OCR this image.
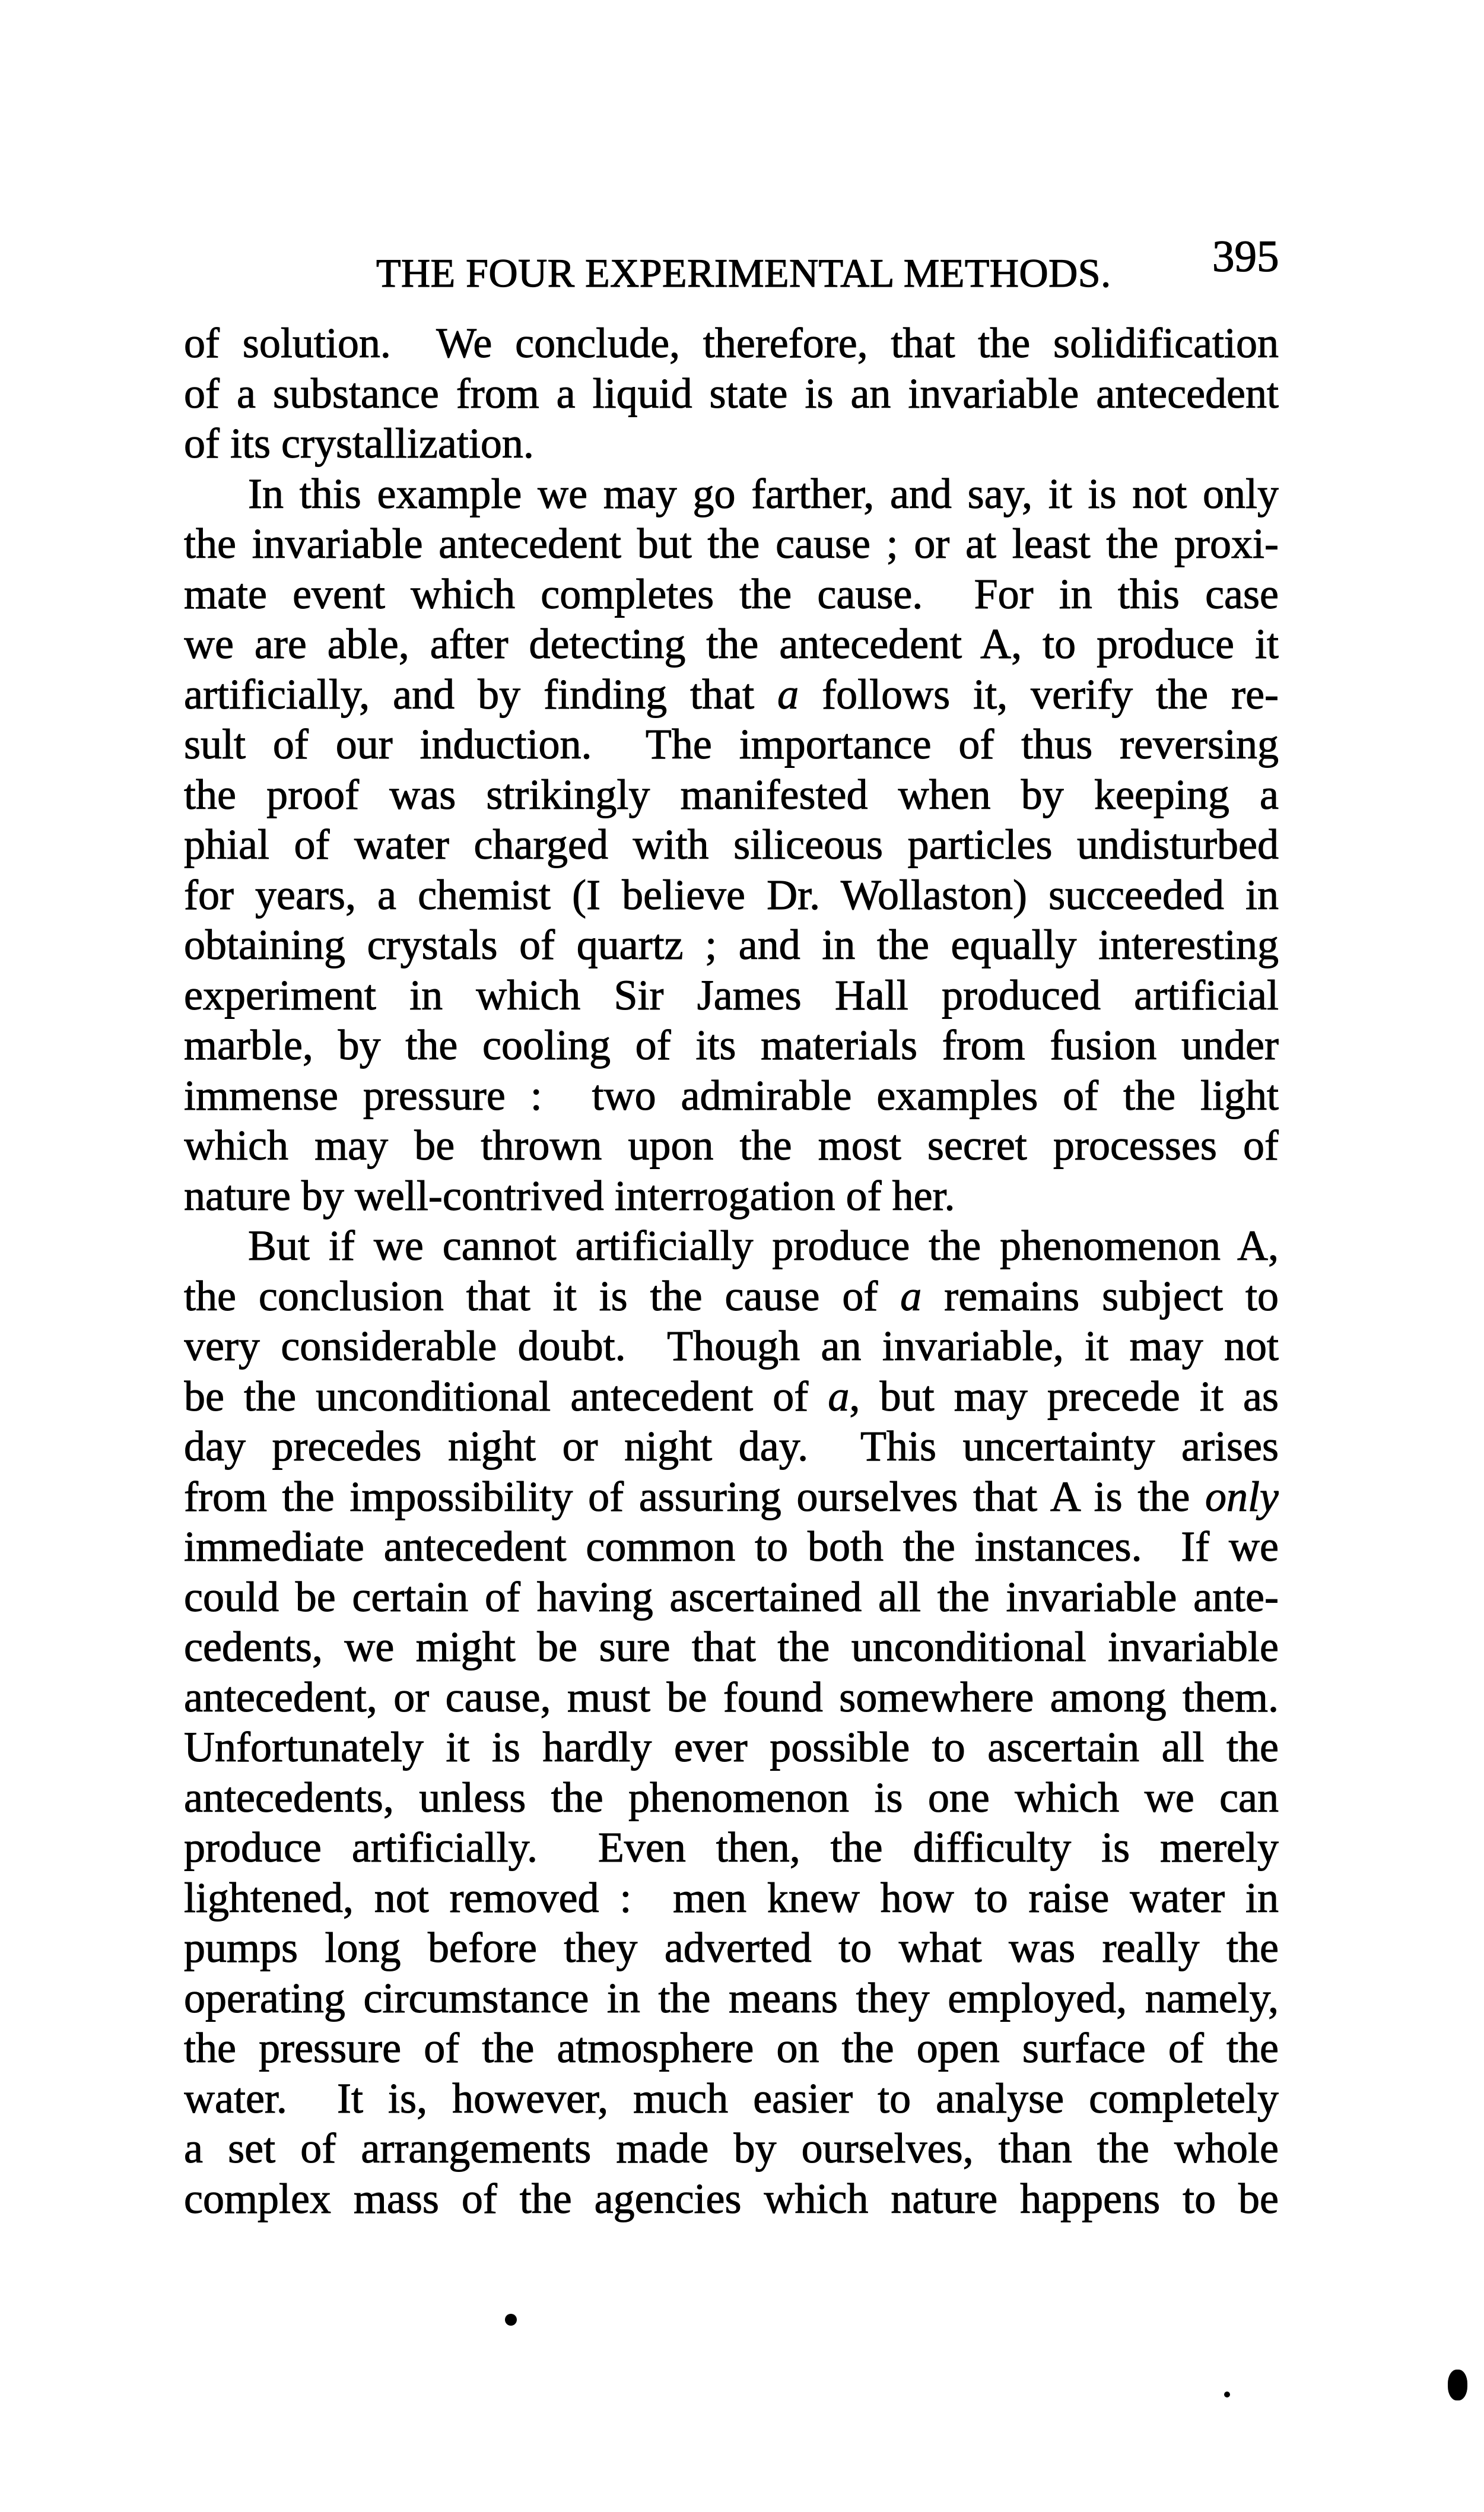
THE FOUR EXPERIMENTAL METHODS. 395
of solution.  We conclude, therefore, that the solidification
of a substance from a liquid state is an invariable antecedent
of its crystallization.
In this example we may go farther, and say, it is not only
the invariable antecedent but the cause ; or at least the proxi-
mate event which completes the cause.  For in this case
we are able, after detecting the antecedent A, to produce it
artificially, and by finding that a follows it, verify the re-
sult of our induction.  The importance of thus reversing
the proof was strikingly manifested when by keeping a
phial of water charged with siliceous particles undisturbed
for years, a chemist (I believe Dr. Wollaston) succeeded in
obtaining crystals of quartz ; and in the equally interesting
experiment in which Sir James Hall produced artificial
marble, by the cooling of its materials from fusion under
immense pressure :  two admirable examples of the light
which may be thrown upon the most secret processes of
nature by well-contrived interrogation of her.
But if we cannot artificially produce the phenomenon A,
the conclusion that it is the cause of a remains subject to
very considerable doubt.  Though an invariable, it may not
be the unconditional antecedent of a, but may precede it as
day precedes night or night day.  This uncertainty arises
from the impossibility of assuring ourselves that A is the only
immediate antecedent common to both the instances.  If we
could be certain of having ascertained all the invariable ante-
cedents, we might be sure that the unconditional invariable
antecedent, or cause, must be found somewhere among them.
Unfortunately it is hardly ever possible to ascertain all the
antecedents, unless the phenomenon is one which we can
produce artificially.  Even then, the difficulty is merely
lightened, not removed :  men knew how to raise water in
pumps long before they adverted to what was really the
operating circumstance in the means they employed, namely,
the pressure of the atmosphere on the open surface of the
water.  It is, however, much easier to analyse completely
a set of arrangements made by ourselves, than the whole
complex mass of the agencies which nature happens to be
